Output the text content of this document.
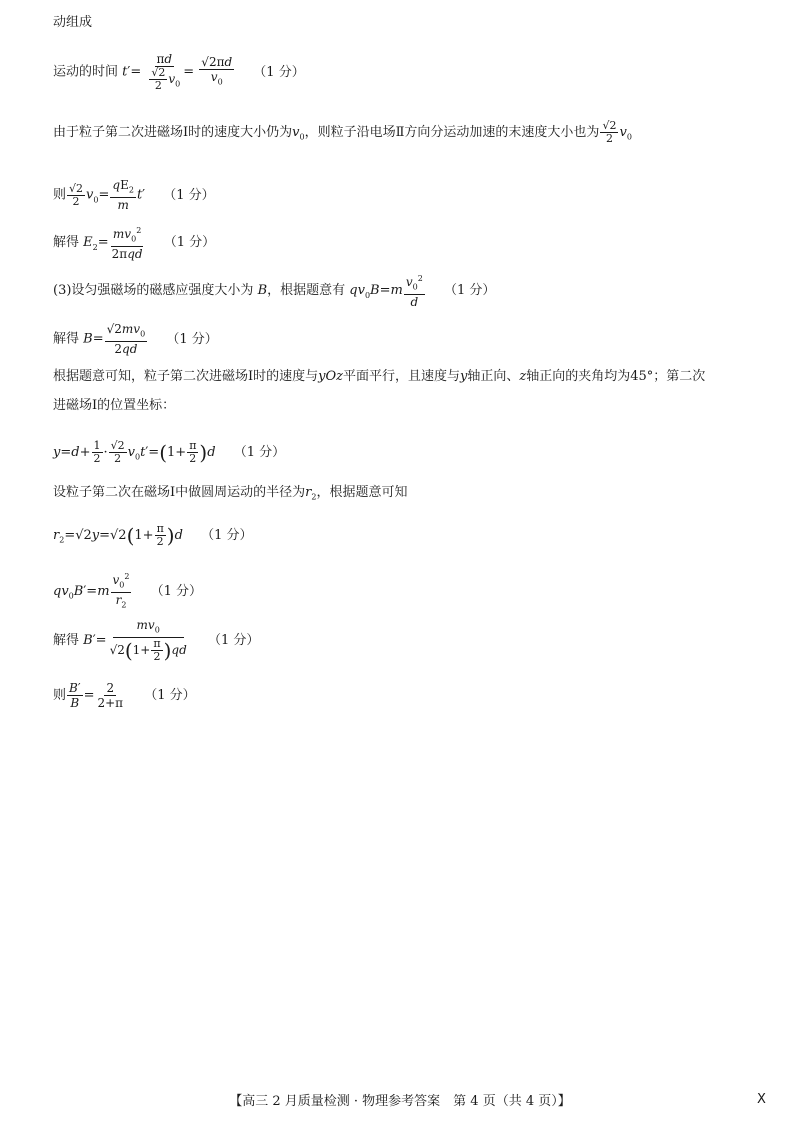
动组成
运动的时间 $t'= \frac{\pi d}{\frac{√2}{2} v_0} = \frac{√2\pi d}{v_0} (1$ 分）
由于粒子第二次进磁场Ⅰ时的速度大小仍为$v_0$，则粒子沿电场Ⅱ方向分运动加速的末速度大小也为 $\frac{√2}{2} v_0$
则 $\frac{√2}{2} v_0= \frac{qE_2}{m} t'$ （1 分）
解得 $E_2= \frac{mv_0^2}{\text{2πqd}} (1$ 分）
(3)设匀强磁场的磁感应强度大小为 B，根据题意有 $qv_0B=m \frac{v_0^2}{d} (1$ 分）
解得 $B= \frac{√2mv_0}{2qd} (1$ 分）
根据题意可知，粒子第二次进磁场Ⅰ时的速度与yOz平面平行，且速度与y轴正向、z轴正向的夹角均为45°；第二次
进磁场Ⅰ的位置坐标：
$y=d+ \frac{1}{2} \cdot \frac{√2}{2} v_0t'=(1+ \frac{\pi}{2} )d$ （1 分）
设粒子第二次在磁场Ⅰ中做圆周运动的半径为$r_2$，根据题意可知
$r_2=√2y=√2(1+ \frac{\pi}{2} )d$ （1 分）
$qv_0B'=m \frac{v_0^2}{r_2} (1$ 分）
解得 $B'= \frac{mv_0}{√2(1+ \frac{\pi}{2} )qd} (1$ 分）
则 $\frac{B'}{B} = \frac{2}{2+\pi} (1$ 分）
【高三 2 月质量检测 · 物理参考答案　第 4 页（共 4 页）】	X
